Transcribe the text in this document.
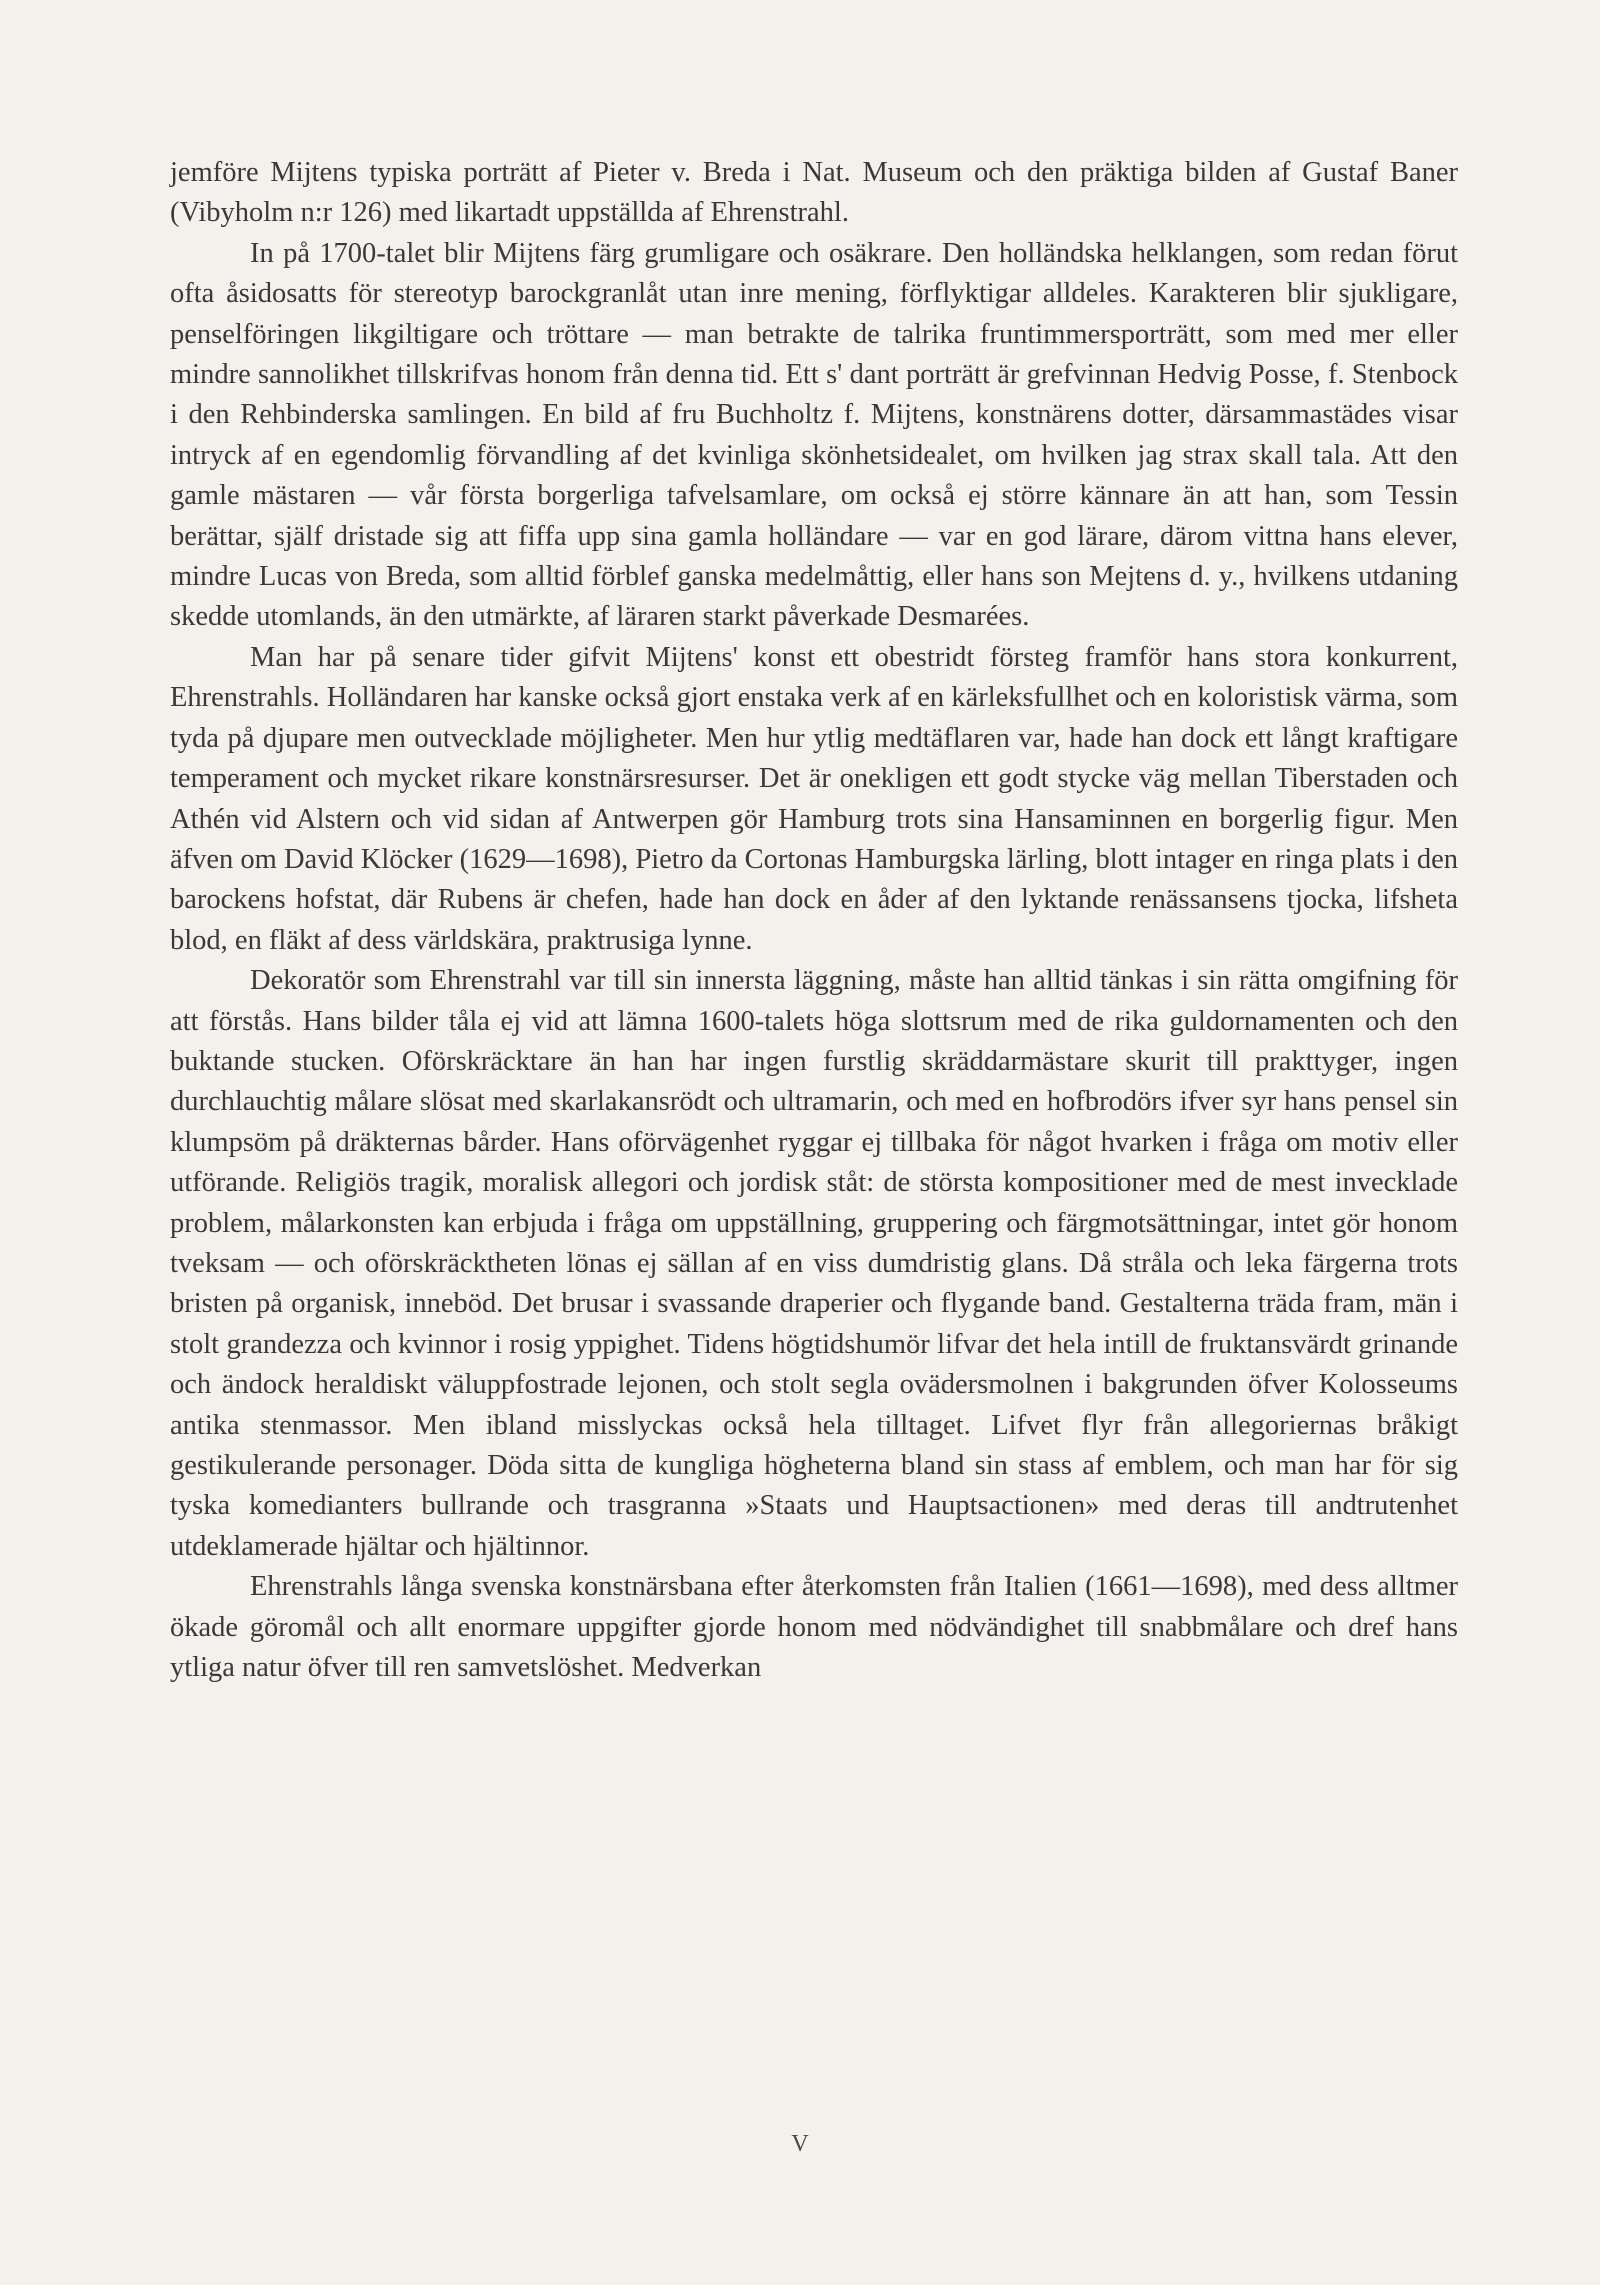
jemföre Mijtens typiska porträtt af Pieter v. Breda i Nat. Museum och den präktiga bilden af Gustaf Baner (Vibyholm n:r 126) med likartadt uppställda af Ehrenstrahl.

In på 1700-talet blir Mijtens färg grumligare och osäkrare. Den holländska helklangen, som redan förut ofta åsidosatts för stereotyp barockgranlåt utan inre mening, förflyktigar alldeles. Karakteren blir sjukligare, penselföringen likgiltigare och tröttare — man betrakte de talrika fruntimmersporträtt, som med mer eller mindre sannolikhet tillskrifvas honom från denna tid. Ett s' dant porträtt är grefvinnan Hedvig Posse, f. Stenbock i den Rehbinderska samlingen. En bild af fru Buchholtz f. Mijtens, konstnärens dotter, därsammastädes visar intryck af en egendomlig förvandling af det kvinliga skönhetsidealet, om hvilken jag strax skall tala. Att den gamle mästaren — vår första borgerliga tafvelsamlare, om också ej större kännare än att han, som Tessin berättar, själf dristade sig att fiffa upp sina gamla holländare — var en god lärare, därom vittna hans elever, mindre Lucas von Breda, som alltid förblef ganska medelmåttig, eller hans son Mejtens d. y., hvilkens utdaning skedde utomlands, än den utmärkte, af läraren starkt påverkade Desmarées.

Man har på senare tider gifvit Mijtens' konst ett obestridt försteg framför hans stora konkurrent, Ehrenstrahls. Holländaren har kanske också gjort enstaka verk af en kärleksfullhet och en koloristisk värma, som tyda på djupare men outvecklade möjligheter. Men hur ytlig medtäflaren var, hade han dock ett långt kraftigare temperament och mycket rikare konstnärsresurser. Det är onekligen ett godt stycke väg mellan Tiberstaden och Athén vid Alstern och vid sidan af Antwerpen gör Hamburg trots sina Hansaminnen en borgerlig figur. Men äfven om David Klöcker (1629—1698), Pietro da Cortonas Hamburgska lärling, blott intager en ringa plats i den barockens hofstat, där Rubens är chefen, hade han dock en åder af den lyktande renässansens tjocka, lifsheta blod, en fläkt af dess världskära, praktrusiga lynne.

Dekoratör som Ehrenstrahl var till sin innersta läggning, måste han alltid tänkas i sin rätta omgifning för att förstås. Hans bilder tåla ej vid att lämna 1600-talets höga slottsrum med de rika guldornamenten och den buktande stucken. Oförskräcktare än han har ingen furstlig skräddarmästare skurit till prakttyger, ingen durchlauchtig målare slösat med skarlakansrödt och ultramarin, och med en hofbrodörs ifver syr hans pensel sin klumpsöm på dräkternas bårder. Hans oförvägenhet ryggar ej tillbaka för något hvarken i fråga om motiv eller utförande. Religiös tragik, moralisk allegori och jordisk ståt: de största kompositioner med de mest invecklade problem, målarkonsten kan erbjuda i fråga om uppställning, gruppering och färgmotsättningar, intet gör honom tveksam — och oförskräcktheten lönas ej sällan af en viss dumdristig glans. Då stråla och leka färgerna trots bristen på organisk, inneböd. Det brusar i svassande draperier och flygande band. Gestalterna träda fram, män i stolt grandezza och kvinnor i rosig yppighet. Tidens högtidshumör lifvar det hela intill de fruktansvärdt grinande och ändock heraldiskt väluppfostrade lejonen, och stolt segla ovädersmolnen i bakgrunden öfver Kolosseums antika stenmassor. Men ibland misslyckas också hela tilltaget. Lifvet flyr från allegoriernas bråkigt gestikulerande personager. Döda sitta de kungliga högheterna bland sin stass af emblem, och man har för sig tyska komedianters bullrande och trasgranna »Staats und Hauptsactionen» med deras till andtrutenhet utdeklamerade hjältar och hjältinnor.

Ehrenstrahls långa svenska konstnärsbana efter återkomsten från Italien (1661—1698), med dess alltmer ökade göromål och allt enormare uppgifter gjorde honom med nödvändighet till snabbmålare och dref hans ytliga natur öfver till ren samvetslöshet. Medverkan

V
